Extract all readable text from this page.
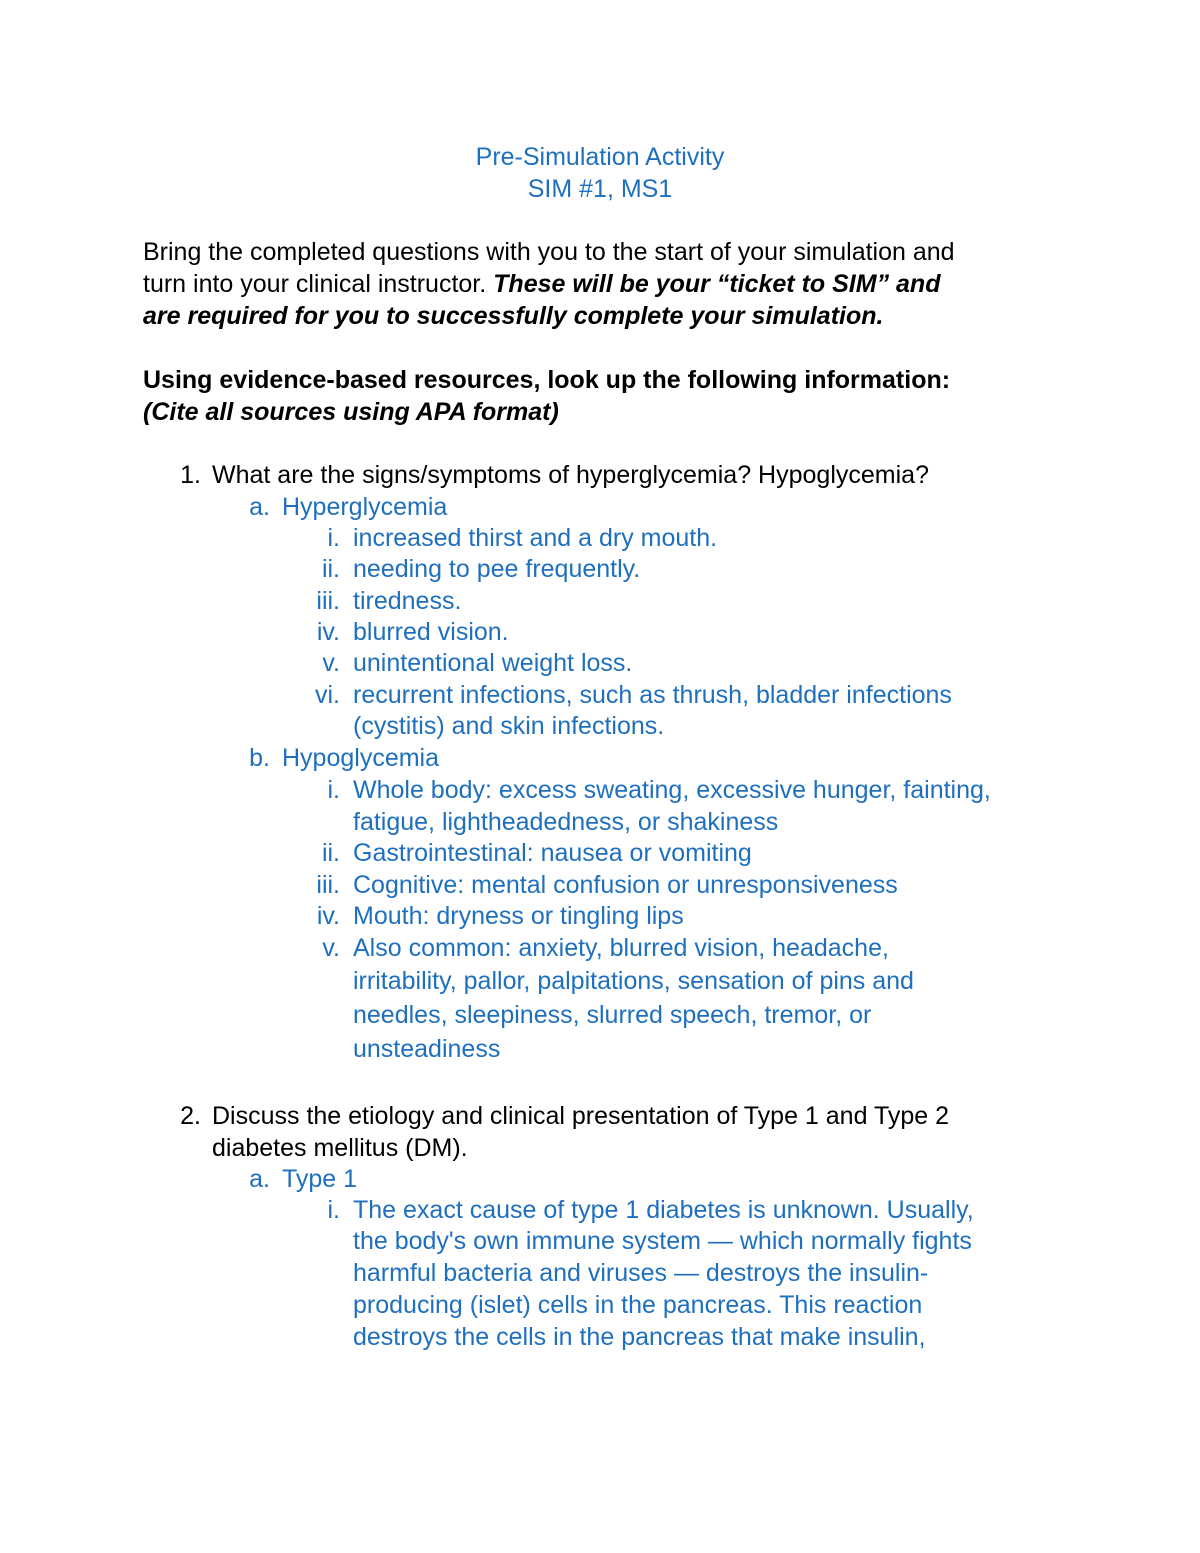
Pre-Simulation Activity
SIM #1, MS1
Bring the completed questions with you to the start of your simulation and
turn into your clinical instructor. These will be your “ticket to SIM” and
are required for you to successfully complete your simulation.
Using evidence-based resources, look up the following information:
(Cite all sources using APA format)
1. What are the signs/symptoms of hyperglycemia? Hypoglycemia?
a. Hyperglycemia
i. increased thirst and a dry mouth.
ii. needing to pee frequently.
iii. tiredness.
iv. blurred vision.
v. unintentional weight loss.
vi. recurrent infections, such as thrush, bladder infections
(cystitis) and skin infections.
b. Hypoglycemia
i. Whole body: excess sweating, excessive hunger, fainting,
fatigue, lightheadedness, or shakiness
ii. Gastrointestinal: nausea or vomiting
iii. Cognitive: mental confusion or unresponsiveness
iv. Mouth: dryness or tingling lips
v. Also common: anxiety, blurred vision, headache,
irritability, pallor, palpitations, sensation of pins and
needles, sleepiness, slurred speech, tremor, or
unsteadiness
2. Discuss the etiology and clinical presentation of Type 1 and Type 2
diabetes mellitus (DM).
a. Type 1
i. The exact cause of type 1 diabetes is unknown. Usually,
the body's own immune system — which normally fights
harmful bacteria and viruses — destroys the insulin-
producing (islet) cells in the pancreas. This reaction
destroys the cells in the pancreas that make insulin,
